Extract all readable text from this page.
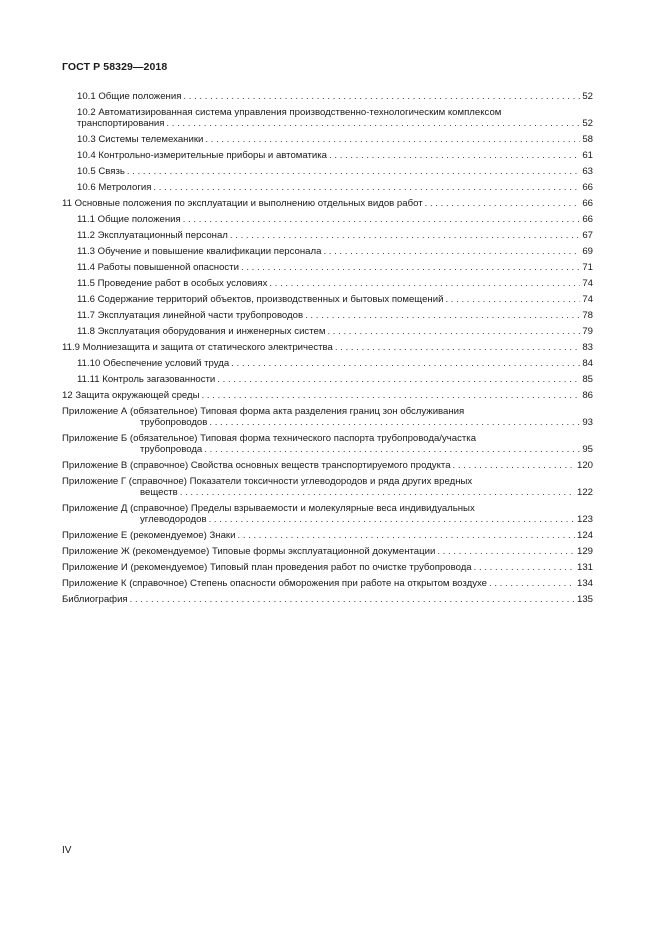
ГОСТ Р 58329—2018
10.1 Общие положения . . .	52
10.2 Автоматизированная система управления производственно-технологическим комплексом
транспортирования . . .	52
10.3 Системы телемеханики . . .	58
10.4 Контрольно-измерительные приборы и автоматика . . .	61
10.5 Связь . . .	63
10.6 Метрология . . .	66
11 Основные положения по эксплуатации и выполнению отдельных видов работ . . .	66
11.1 Общие положения . . .	66
11.2 Эксплуатационный персонал . . .	67
11.3 Обучение и повышение квалификации персонала . . .	69
11.4 Работы повышенной опасности . . .	71
11.5 Проведение работ в особых условиях . . .	74
11.6 Содержание территорий объектов, производственных и бытовых помещений . . .	74
11.7 Эксплуатация линейной части трубопроводов . . .	78
11.8 Эксплуатация оборудования и инженерных систем . . .	79
11.9 Молниезащита и защита от статического электричества . . .	83
11.10 Обеспечение условий труда . . .	84
11.11 Контроль загазованности . . .	85
12 Защита окружающей среды . . .	86
Приложение А (обязательное) Типовая форма акта разделения границ зон обслуживания
трубопроводов . . .	93
Приложение Б (обязательное) Типовая форма технического паспорта трубопровода/участка
трубопровода . . .	95
Приложение В (справочное) Свойства основных веществ транспортируемого продукта . . .	120
Приложение Г (справочное) Показатели токсичности углеводородов и ряда других вредных
веществ . . .	122
Приложение Д (справочное) Пределы взрываемости и молекулярные веса индивидуальных
углеводородов . . .	123
Приложение Е (рекомендуемое) Знаки . . .	124
Приложение Ж (рекомендуемое) Типовые формы эксплуатационной документации . . .	129
Приложение И (рекомендуемое) Типовый план проведения работ по очистке трубопровода . . .	131
Приложение К (справочное) Степень опасности обморожения при работе на открытом воздухе . . .	134
Библиография . . .	135
IV
